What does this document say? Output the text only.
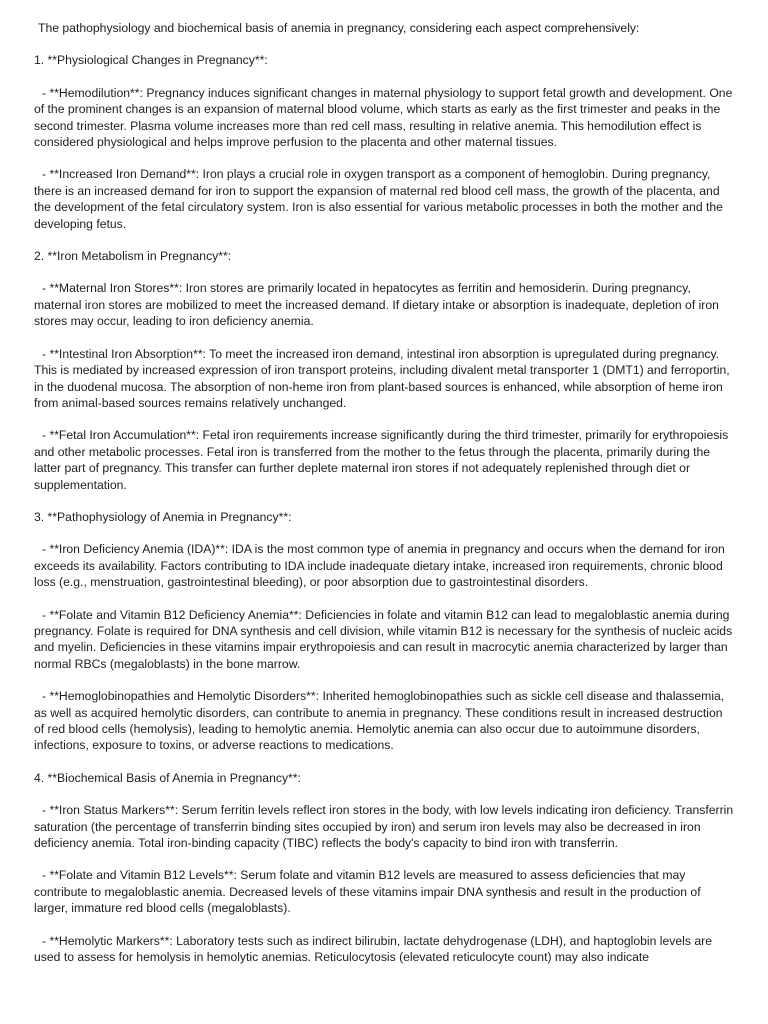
The pathophysiology and biochemical basis of anemia in pregnancy, considering each aspect comprehensively:

1. **Physiological Changes in Pregnancy**:

- **Hemodilution**: Pregnancy induces significant changes in maternal physiology to support fetal growth and development. One of the prominent changes is an expansion of maternal blood volume, which starts as early as the first trimester and peaks in the second trimester. Plasma volume increases more than red cell mass, resulting in relative anemia. This hemodilution effect is considered physiological and helps improve perfusion to the placenta and other maternal tissues.

- **Increased Iron Demand**: Iron plays a crucial role in oxygen transport as a component of hemoglobin. During pregnancy, there is an increased demand for iron to support the expansion of maternal red blood cell mass, the growth of the placenta, and the development of the fetal circulatory system. Iron is also essential for various metabolic processes in both the mother and the developing fetus.

2. **Iron Metabolism in Pregnancy**:

- **Maternal Iron Stores**: Iron stores are primarily located in hepatocytes as ferritin and hemosiderin. During pregnancy, maternal iron stores are mobilized to meet the increased demand. If dietary intake or absorption is inadequate, depletion of iron stores may occur, leading to iron deficiency anemia.

- **Intestinal Iron Absorption**: To meet the increased iron demand, intestinal iron absorption is upregulated during pregnancy. This is mediated by increased expression of iron transport proteins, including divalent metal transporter 1 (DMT1) and ferroportin, in the duodenal mucosa. The absorption of non-heme iron from plant-based sources is enhanced, while absorption of heme iron from animal-based sources remains relatively unchanged.

- **Fetal Iron Accumulation**: Fetal iron requirements increase significantly during the third trimester, primarily for erythropoiesis and other metabolic processes. Fetal iron is transferred from the mother to the fetus through the placenta, primarily during the latter part of pregnancy. This transfer can further deplete maternal iron stores if not adequately replenished through diet or supplementation.

3. **Pathophysiology of Anemia in Pregnancy**:

- **Iron Deficiency Anemia (IDA)**: IDA is the most common type of anemia in pregnancy and occurs when the demand for iron exceeds its availability. Factors contributing to IDA include inadequate dietary intake, increased iron requirements, chronic blood loss (e.g., menstruation, gastrointestinal bleeding), or poor absorption due to gastrointestinal disorders.

- **Folate and Vitamin B12 Deficiency Anemia**: Deficiencies in folate and vitamin B12 can lead to megaloblastic anemia during pregnancy. Folate is required for DNA synthesis and cell division, while vitamin B12 is necessary for the synthesis of nucleic acids and myelin. Deficiencies in these vitamins impair erythropoiesis and can result in macrocytic anemia characterized by larger than normal RBCs (megaloblasts) in the bone marrow.

- **Hemoglobinopathies and Hemolytic Disorders**: Inherited hemoglobinopathies such as sickle cell disease and thalassemia, as well as acquired hemolytic disorders, can contribute to anemia in pregnancy. These conditions result in increased destruction of red blood cells (hemolysis), leading to hemolytic anemia. Hemolytic anemia can also occur due to autoimmune disorders, infections, exposure to toxins, or adverse reactions to medications.

4. **Biochemical Basis of Anemia in Pregnancy**:

- **Iron Status Markers**: Serum ferritin levels reflect iron stores in the body, with low levels indicating iron deficiency. Transferrin saturation (the percentage of transferrin binding sites occupied by iron) and serum iron levels may also be decreased in iron deficiency anemia. Total iron-binding capacity (TIBC) reflects the body's capacity to bind iron with transferrin.

- **Folate and Vitamin B12 Levels**: Serum folate and vitamin B12 levels are measured to assess deficiencies that may contribute to megaloblastic anemia. Decreased levels of these vitamins impair DNA synthesis and result in the production of larger, immature red blood cells (megaloblasts).

- **Hemolytic Markers**: Laboratory tests such as indirect bilirubin, lactate dehydrogenase (LDH), and haptoglobin levels are used to assess for hemolysis in hemolytic anemias. Reticulocytosis (elevated reticulocyte count) may also indicate
